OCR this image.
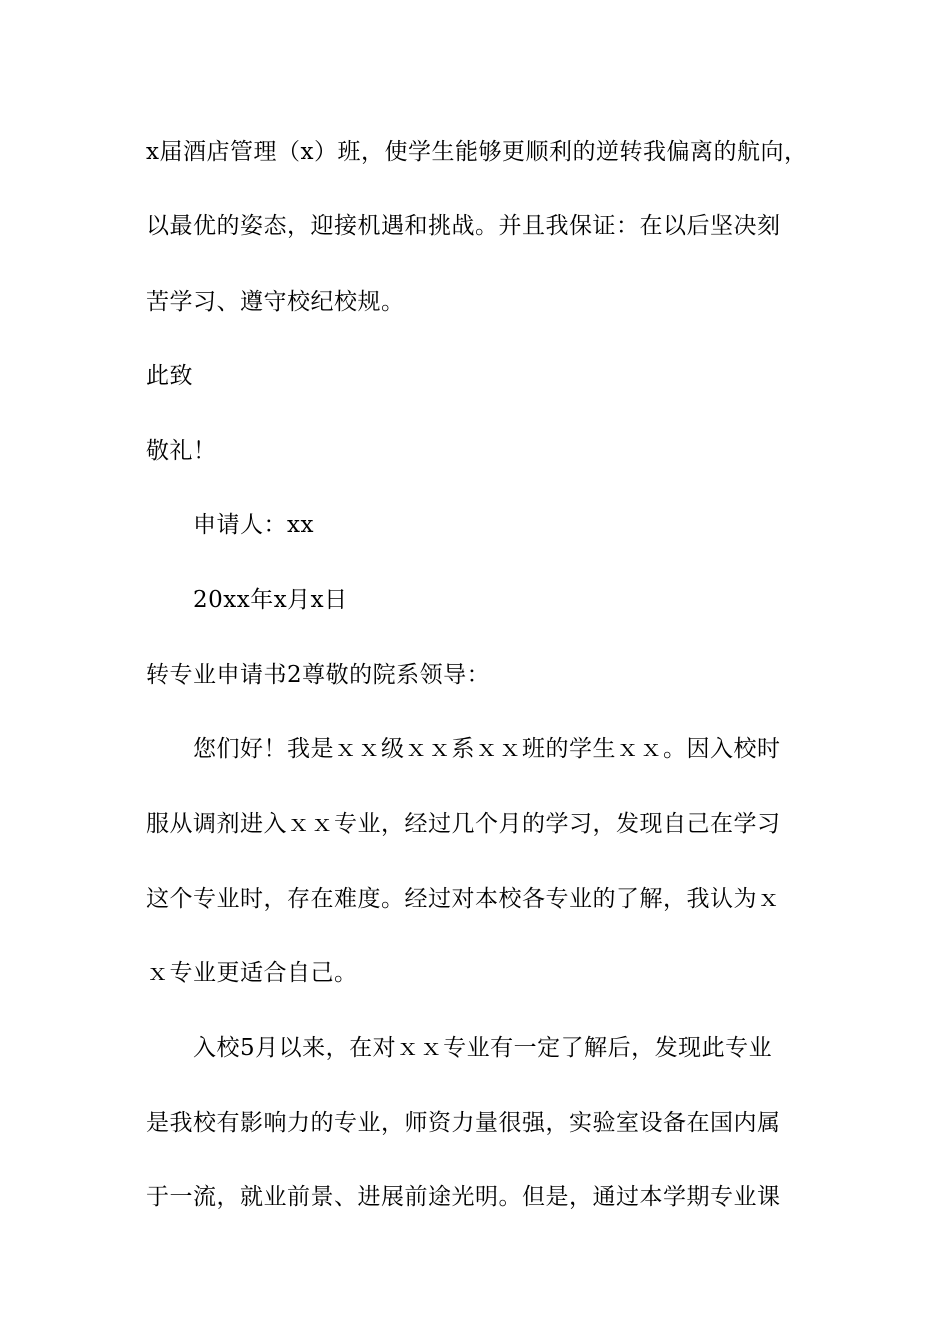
x届酒店管理（x）班，使学生能够更顺利的逆转我偏离的航向，
以最优的姿态，迎接机遇和挑战。并且我保证：在以后坚决刻
苦学习、遵守校纪校规。
此致
敬礼！
申请人：xx
20xx年x月x日
转专业申请书2尊敬的院系领导：
您们好！我是ｘｘ级ｘｘ系ｘｘ班的学生ｘｘ。因入校时
服从调剂进入ｘｘ专业，经过几个月的学习，发现自己在学习
这个专业时，存在难度。经过对本校各专业的了解，我认为ｘ
ｘ专业更适合自己。
入校5月以来，在对ｘｘ专业有一定了解后，发现此专业
是我校有影响力的专业，师资力量很强，实验室设备在国内属
于一流，就业前景、进展前途光明。但是，通过本学期专业课
